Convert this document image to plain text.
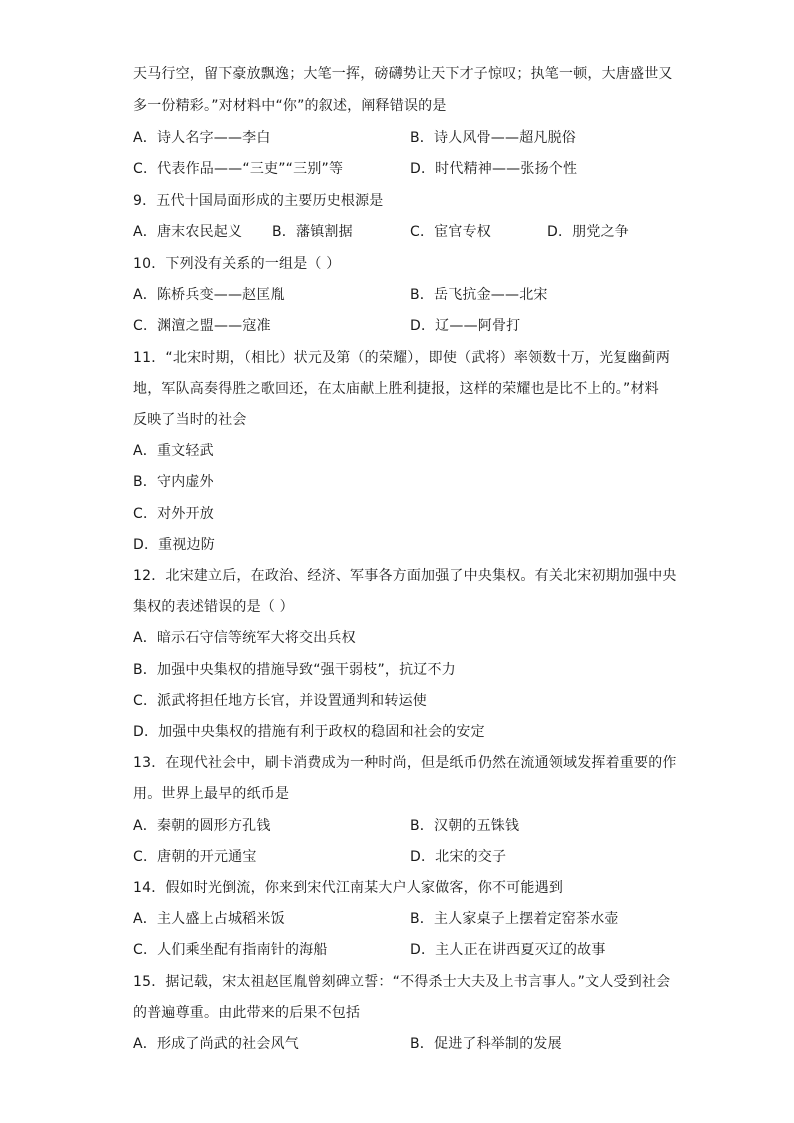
天马行空，留下豪放飘逸；大笔一挥，磅礴势让天下才子惊叹；执笔一顿，大唐盛世又
多一份精彩。”对材料中“你”的叙述，阐释错误的是
A．诗人名字——李白	B．诗人风骨——超凡脱俗
C．代表作品——“三吏”“三别”等	D．时代精神——张扬个性
9．五代十国局面形成的主要历史根源是
A．唐末农民起义 B．藩镇割据	C．宦官专权	D．朋党之争
10．下列没有关系的一组是（ ）
A．陈桥兵变——赵匡胤	B．岳飞抗金——北宋
C．渊澶之盟——寇准	D．辽——阿骨打
11．“北宋时期，（相比）状元及第（的荣耀），即使（武将）率领数十万，光复幽蓟两
地，军队高奏得胜之歌回还，在太庙献上胜利捷报，这样的荣耀也是比不上的。”材料
反映了当时的社会
A．重文轻武
B．守内虚外
C．对外开放
D．重视边防
12．北宋建立后，在政治、经济、军事各方面加强了中央集权。有关北宋初期加强中央
集权的表述错误的是（ ）
A．暗示石守信等统军大将交出兵权
B．加强中央集权的措施导致“强干弱枝”，抗辽不力
C．派武将担任地方长官，并设置通判和转运使
D．加强中央集权的措施有利于政权的稳固和社会的安定
13．在现代社会中，刷卡消费成为一种时尚，但是纸币仍然在流通领域发挥着重要的作
用。世界上最早的纸币是
A．秦朝的圆形方孔钱	B．汉朝的五铢钱
C．唐朝的开元通宝	D．北宋的交子
14．假如时光倒流，你来到宋代江南某大户人家做客，你不可能遇到
A．主人盛上占城稻米饭	B．主人家桌子上摆着定窑茶水壶
C．人们乘坐配有指南针的海船	D．主人正在讲西夏灭辽的故事
15．据记载，宋太祖赵匡胤曾刻碑立誓：“不得杀士大夫及上书言事人。”文人受到社会
的普遍尊重。由此带来的后果不包括
A．形成了尚武的社会风气	B．促进了科举制的发展
